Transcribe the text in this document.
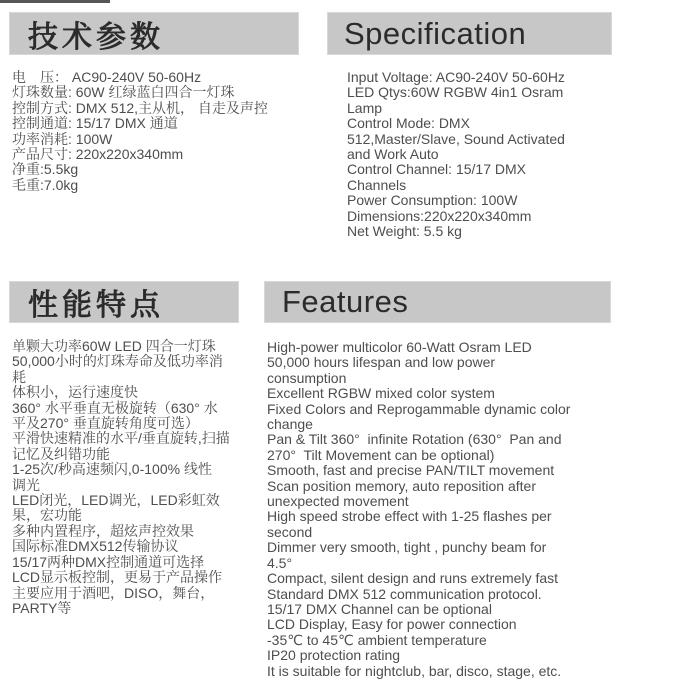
技术参数	Specification
电　压： AC90-240V 50-60Hz
灯珠数量: 60W 红绿蓝白四合一灯珠
控制方式: DMX 512,主从机， 自走及声控
控制通道: 15/17 DMX 通道
功率消耗: 100W
产品尺寸: 220x220x340mm
净重:5.5kg
毛重:7.0kg
Input Voltage: AC90-240V 50-60Hz
LED Qtys:60W RGBW 4in1 Osram
Lamp
Control Mode: DMX
512,Master/Slave, Sound Activated
and Work Auto
Control Channel: 15/17 DMX
Channels
Power Consumption: 100W
Dimensions:220x220x340mm
Net Weight: 5.5 kg
性能特点	Features
单颗大功率60W LED 四合一灯珠
50,000小时的灯珠寿命及低功率消
耗
体积小，运行速度快
360° 水平垂直无极旋转（630° 水
平及270° 垂直旋转角度可选）
平滑快速精准的水平/垂直旋转,扫描
记忆及纠错功能
1-25次/秒高速频闪,0-100% 线性
调光
LED闭光，LED调光，LED彩虹效
果，宏功能
多种内置程序，超炫声控效果
国际标准DMX512传输协议
15/17两种DMX控制通道可选择
LCD显示板控制，更易于产品操作
主要应用于酒吧，DISO，舞台，
PARTY等
High-power multicolor 60-Watt Osram LED
50,000 hours lifespan and low power
consumption
Excellent RGBW mixed color system
Fixed Colors and Reprogammable dynamic color
change
Pan & Tilt 360°  infinite Rotation (630°  Pan and
270°  Tilt Movement can be optional)
Smooth, fast and precise PAN/TILT movement
Scan position memory, auto reposition after
unexpected movement
High speed strobe effect with 1-25 flashes per
second
Dimmer very smooth, tight , punchy beam for
4.5°
Compact, silent design and runs extremely fast
Standard DMX 512 communication protocol.
15/17 DMX Channel can be optional
LCD Display, Easy for power connection
-35℃ to 45℃ ambient temperature
IP20 protection rating
It is suitable for nightclub, bar, disco, stage, etc.
